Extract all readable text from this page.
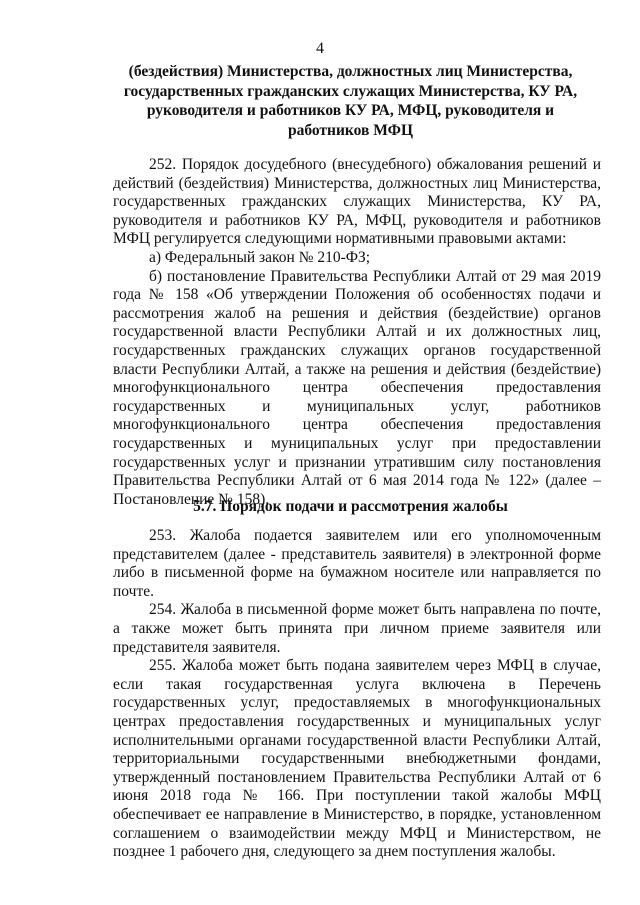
4
(бездействия) Министерства, должностных лиц Министерства, государственных гражданских служащих Министерства, КУ РА, руководителя и работников КУ РА, МФЦ, руководителя и работников МФЦ

252. Порядок досудебного (внесудебного) обжалования решений и действий (бездействия) Министерства, должностных лиц Министерства, государственных гражданских служащих Министерства, КУ РА, руководителя и работников КУ РА, МФЦ, руководителя и работников МФЦ регулируется следующими нормативными правовыми актами:

а) Федеральный закон № 210-ФЗ;

б) постановление Правительства Республики Алтай от 29 мая 2019 года № 158 «Об утверждении Положения об особенностях подачи и рассмотрения жалоб на решения и действия (бездействие) органов государственной власти Республики Алтай и их должностных лиц, государственных гражданских служащих органов государственной власти Республики Алтай, а также на решения и действия (бездействие) многофункционального центра обеспечения предоставления государственных и муниципальных услуг, работников многофункционального центра обеспечения предоставления государственных и муниципальных услуг при предоставлении государственных услуг и признании утратившим силу постановления Правительства Республики Алтай от 6 мая 2014 года № 122» (далее – Постановление № 158).

5.7. Порядок подачи и рассмотрения жалобы

253. Жалоба подается заявителем или его уполномоченным представителем (далее - представитель заявителя) в электронной форме либо в письменной форме на бумажном носителе или направляется по почте.

254. Жалоба в письменной форме может быть направлена по почте, а также может быть принята при личном приеме заявителя или представителя заявителя.

255. Жалоба может быть подана заявителем через МФЦ в случае, если такая государственная услуга включена в Перечень государственных услуг, предоставляемых в многофункциональных центрах предоставления государственных и муниципальных услуг исполнительными органами государственной власти Республики Алтай, территориальными государственными внебюджетными фондами, утвержденный постановлением Правительства Республики Алтай от 6 июня 2018 года № 166. При поступлении такой жалобы МФЦ обеспечивает ее направление в Министерство, в порядке, установленном соглашением о взаимодействии между МФЦ и Министерством, не позднее 1 рабочего дня, следующего за днем поступления жалобы.
